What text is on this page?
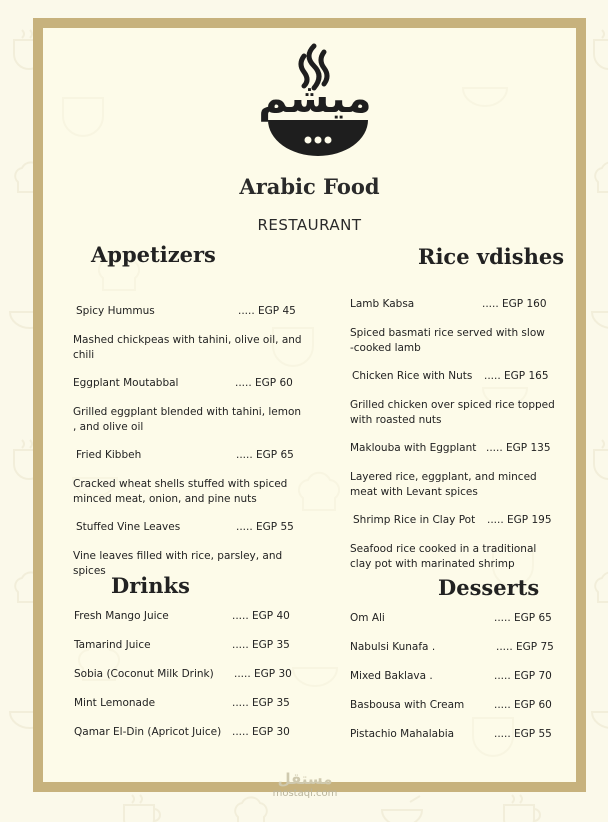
ميشم
Arabic Food
RESTAURANT
Appetizers
Spicy Hummus	..... EGP 45
Mashed chickpeas with tahini, olive oil, and chili
Eggplant Moutabbal	..... EGP 60
Grilled eggplant blended with tahini, lemon , and olive oil
Fried Kibbeh	..... EGP 65
Cracked wheat shells stuffed with spiced minced meat, onion, and pine nuts
Stuffed Vine Leaves	..... EGP 55
Vine leaves filled with rice, parsley, and spices
Rice vdishes
Lamb Kabsa	..... EGP 160
Spiced basmati rice served with slow -cooked lamb
Chicken Rice with Nuts ..... EGP 165
Grilled chicken over spiced rice topped with roasted nuts
Maklouba with Eggplant ..... EGP 135
Layered rice, eggplant, and minced meat with Levant spices
Shrimp Rice in Clay Pot ..... EGP 195
Seafood rice cooked in a traditional clay pot with marinated shrimp
Drinks
Fresh Mango Juice	..... EGP 40
Tamarind Juice	..... EGP 35
Sobia (Coconut Milk Drink) ..... EGP 30
Mint Lemonade	..... EGP 35
Qamar El-Din (Apricot Juice) ..... EGP 30
Desserts
Om Ali	..... EGP 65
Nabulsi Kunafa .	..... EGP 75
Mixed Baklava .	..... EGP 70
Basbousa with Cream	..... EGP 60
Pistachio Mahalabia	..... EGP 55
مستقل
mostaql.com
